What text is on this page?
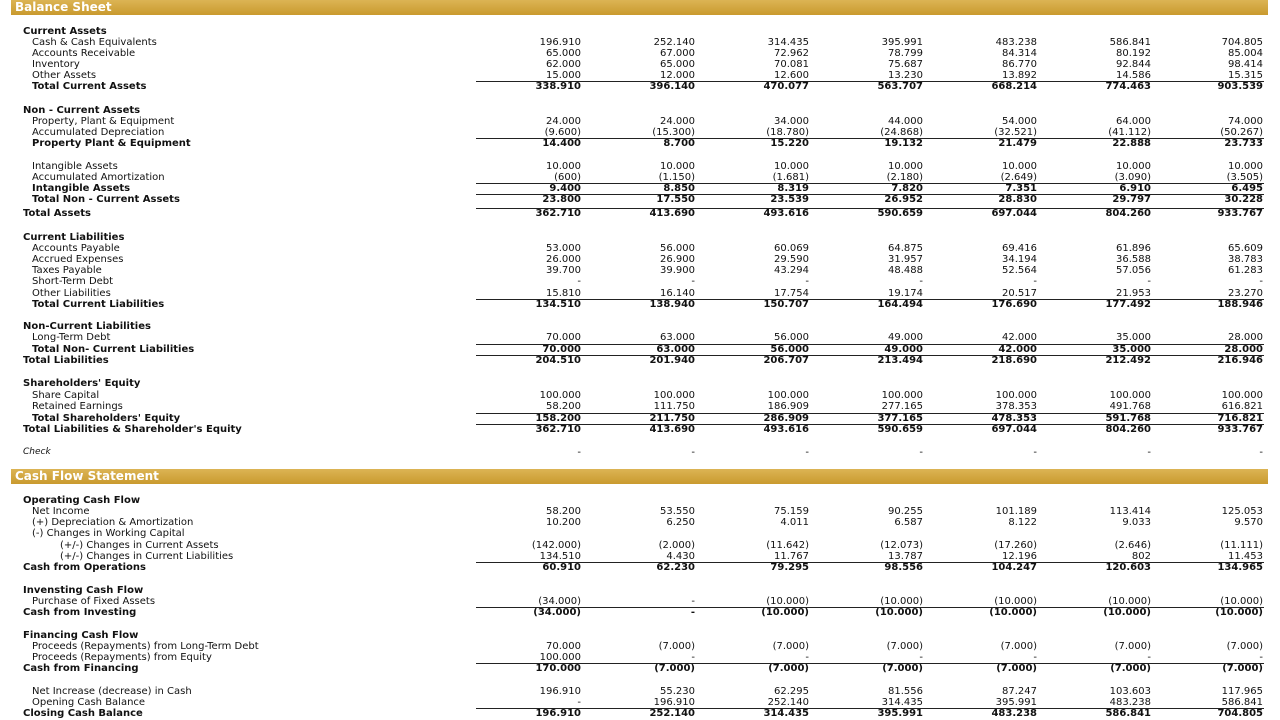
Balance Sheet
Current Assets
Cash & Cash Equivalents	196.910	252.140	314.435	395.991	483.238	586.841	704.805
Accounts Receivable	65.000	67.000	72.962	78.799	84.314	80.192	85.004
Inventory	62.000	65.000	70.081	75.687	86.770	92.844	98.414
Other Assets	15.000	12.000	12.600	13.230	13.892	14.586	15.315
Total Current Assets	338.910	396.140	470.077	563.707	668.214	774.463	903.539
Non - Current Assets
Property, Plant & Equipment	24.000	24.000	34.000	44.000	54.000	64.000	74.000
Accumulated Depreciation	(9.600)	(15.300)	(18.780)	(24.868)	(32.521)	(41.112)	(50.267)
Property Plant & Equipment	14.400	8.700	15.220	19.132	21.479	22.888	23.733
Intangible Assets	10.000	10.000	10.000	10.000	10.000	10.000	10.000
Accumulated Amortization	(600)	(1.150)	(1.681)	(2.180)	(2.649)	(3.090)	(3.505)
Intangible Assets	9.400	8.850	8.319	7.820	7.351	6.910	6.495
Total Non - Current Assets	23.800	17.550	23.539	26.952	28.830	29.797	30.228
Total Assets	362.710	413.690	493.616	590.659	697.044	804.260	933.767
Current Liabilities
Accounts Payable	53.000	56.000	60.069	64.875	69.416	61.896	65.609
Accrued Expenses	26.000	26.900	29.590	31.957	34.194	36.588	38.783
Taxes Payable	39.700	39.900	43.294	48.488	52.564	57.056	61.283
Short-Term Debt	-	-	-	-	-	-	-
Other Liabilities	15.810	16.140	17.754	19.174	20.517	21.953	23.270
Total Current Liabilities	134.510	138.940	150.707	164.494	176.690	177.492	188.946
Non-Current Liabilities
Long-Term Debt	70.000	63.000	56.000	49.000	42.000	35.000	28.000
Total Non- Current Liabilities	70.000	63.000	56.000	49.000	42.000	35.000	28.000
Total Liabilities	204.510	201.940	206.707	213.494	218.690	212.492	216.946
Shareholders' Equity
Share Capital	100.000	100.000	100.000	100.000	100.000	100.000	100.000
Retained Earnings	58.200	111.750	186.909	277.165	378.353	491.768	616.821
Total Shareholders' Equity	158.200	211.750	286.909	377.165	478.353	591.768	716.821
Total Liabilities & Shareholder's Equity	362.710	413.690	493.616	590.659	697.044	804.260	933.767
Check	-	-	-	-	-	-	-
Cash Flow Statement
Operating Cash Flow
Net Income	58.200	53.550	75.159	90.255	101.189	113.414	125.053
(+) Depreciation & Amortization	10.200	6.250	4.011	6.587	8.122	9.033	9.570
(-) Changes in Working Capital
(+/-) Changes in Current Assets	(142.000)	(2.000)	(11.642)	(12.073)	(17.260)	(2.646)	(11.111)
(+/-) Changes in Current Liabilities	134.510	4.430	11.767	13.787	12.196	802	11.453
Cash from Operations	60.910	62.230	79.295	98.556	104.247	120.603	134.965
Invensting Cash Flow
Purchase of Fixed Assets	(34.000)	-	(10.000)	(10.000)	(10.000)	(10.000)	(10.000)
Cash from Investing	(34.000)	-	(10.000)	(10.000)	(10.000)	(10.000)	(10.000)
Financing Cash Flow
Proceeds (Repayments) from Long-Term Debt	70.000	(7.000)	(7.000)	(7.000)	(7.000)	(7.000)	(7.000)
Proceeds (Repayments) from Equity	100.000	-	-	-	-	-	-
Cash from Financing	170.000	(7.000)	(7.000)	(7.000)	(7.000)	(7.000)	(7.000)
Net Increase (decrease) in Cash	196.910	55.230	62.295	81.556	87.247	103.603	117.965
Opening Cash Balance	-	196.910	252.140	314.435	395.991	483.238	586.841
Closing Cash Balance	196.910	252.140	314.435	395.991	483.238	586.841	704.805
